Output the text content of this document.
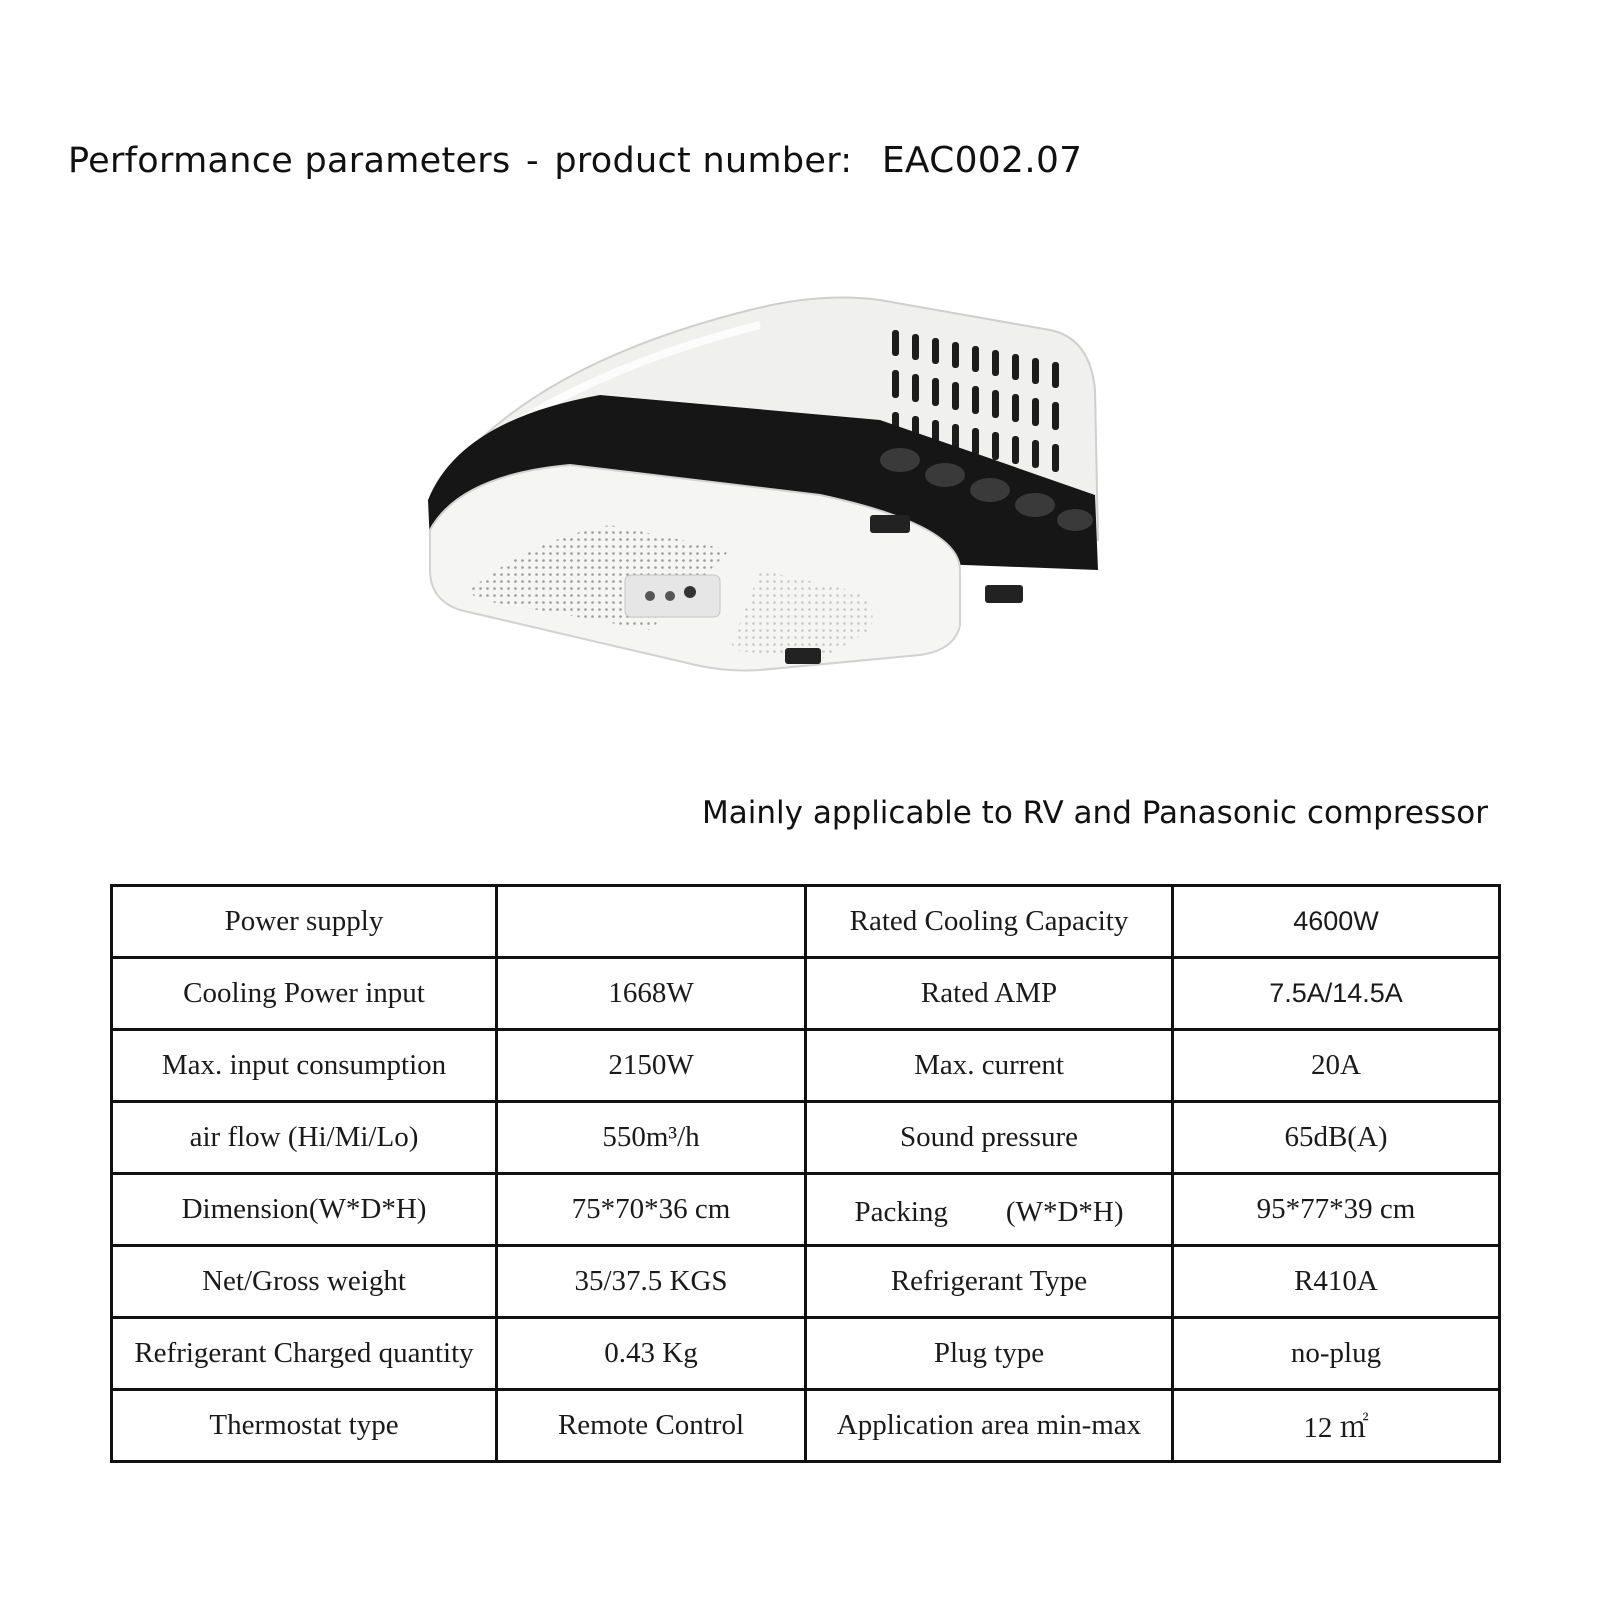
Performance parameters - product number: EAC002.07
Mainly applicable to RV and Panasonic compressor
Power supply		Rated Cooling Capacity	4600W
Cooling Power input	1668W	Rated AMP	7.5A/14.5A
Max. input consumption	2150W	Max. current	20A
air flow (Hi/Mi/Lo)	550m³/h	Sound pressure	65dB(A)
Dimension(W*D*H)	75*70*36 cm	Packing　　(W*D*H)	95*77*39 cm
Net/Gross weight	35/37.5 KGS	Refrigerant Type	R410A
Refrigerant Charged quantity	0.43 Kg	Plug type	no-plug
Thermostat type	Remote Control	Application area min-max	12 ㎡
